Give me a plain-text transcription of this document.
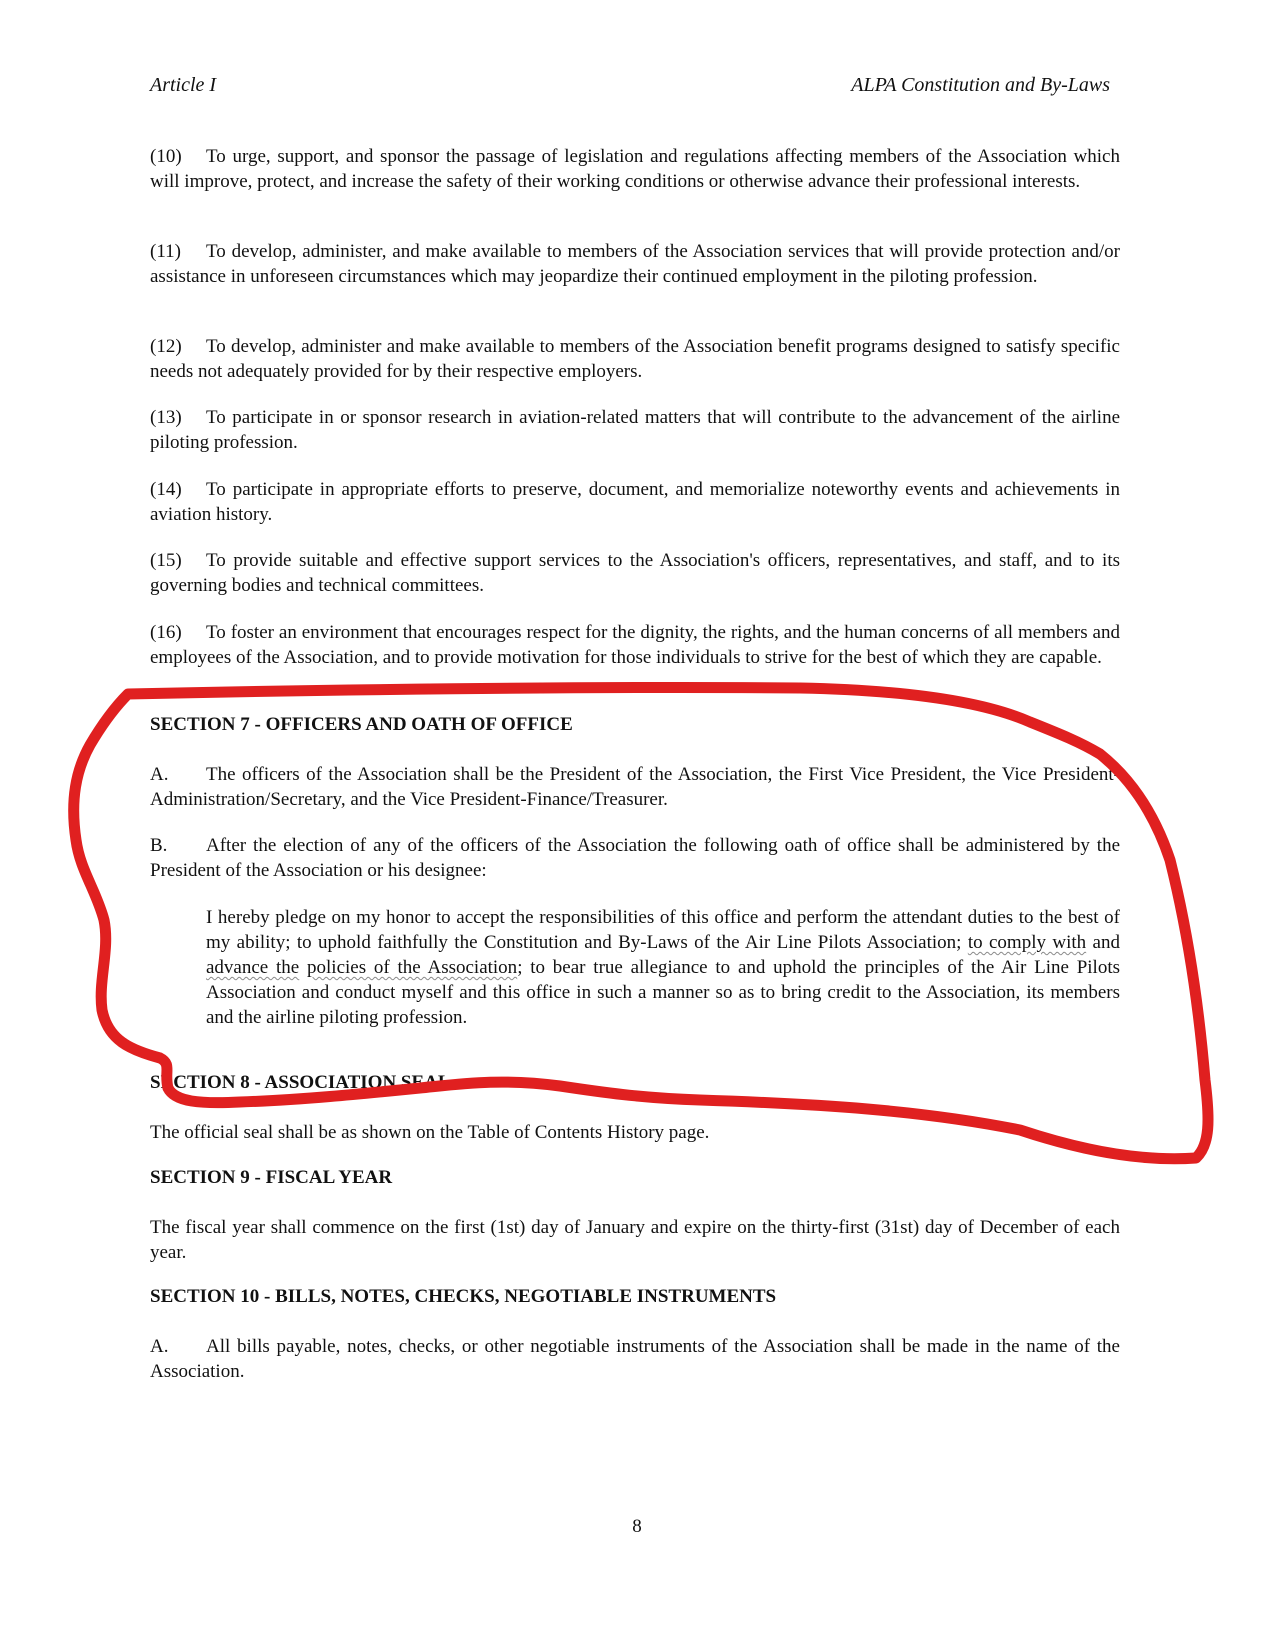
Article I	ALPA Constitution and By-Laws
(10) To urge, support, and sponsor the passage of legislation and regulations affecting members of the Association which will improve, protect, and increase the safety of their working conditions or otherwise advance their professional interests.
(11) To develop, administer, and make available to members of the Association services that will provide protection and/or assistance in unforeseen circumstances which may jeopardize their continued employment in the piloting profession.
(12) To develop, administer and make available to members of the Association benefit programs designed to satisfy specific needs not adequately provided for by their respective employers.
(13) To participate in or sponsor research in aviation-related matters that will contribute to the advancement of the airline piloting profession.
(14) To participate in appropriate efforts to preserve, document, and memorialize noteworthy events and achievements in aviation history.
(15) To provide suitable and effective support services to the Association's officers, representatives, and staff, and to its governing bodies and technical committees.
(16) To foster an environment that encourages respect for the dignity, the rights, and the human concerns of all members and employees of the Association, and to provide motivation for those individuals to strive for the best of which they are capable.
SECTION 7 - OFFICERS AND OATH OF OFFICE
A. The officers of the Association shall be the President of the Association, the First Vice President, the Vice President-Administration/Secretary, and the Vice President-Finance/Treasurer.
B. After the election of any of the officers of the Association the following oath of office shall be administered by the President of the Association or his designee:
I hereby pledge on my honor to accept the responsibilities of this office and perform the attendant duties to the best of my ability; to uphold faithfully the Constitution and By-Laws of the Air Line Pilots Association; to comply with and advance the policies of the Association; to bear true allegiance to and uphold the principles of the Air Line Pilots Association and conduct myself and this office in such a manner so as to bring credit to the Association, its members and the airline piloting profession.
SECTION 8 - ASSOCIATION SEAL
The official seal shall be as shown on the Table of Contents History page.
SECTION 9 - FISCAL YEAR
The fiscal year shall commence on the first (1st) day of January and expire on the thirty-first (31st) day of December of each year.
SECTION 10 - BILLS, NOTES, CHECKS, NEGOTIABLE INSTRUMENTS
A. All bills payable, notes, checks, or other negotiable instruments of the Association shall be made in the name of the Association.
8
